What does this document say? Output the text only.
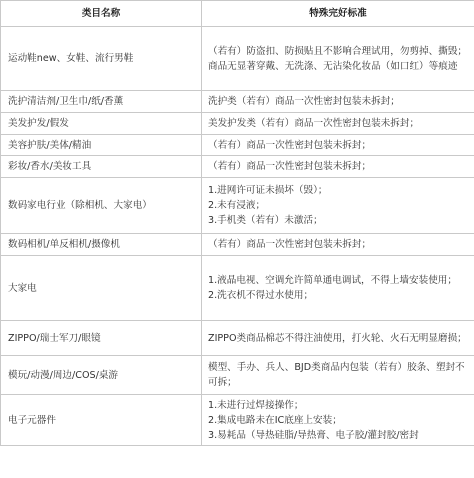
类目名称	特殊完好标准
运动鞋new、女鞋、流行男鞋	（若有）防盗扣、防损贴且不影响合理试用，勿剪掉、撕毁；商品无显著穿戴、无洗涤、无沾染化妆品（如口红）等痕迹

洗护清洁剂/卫生巾/纸/香薰	洗护类（若有）商品一次性密封包装未拆封；

美发护发/假发	美发护发类（若有）商品一次性密封包装未拆封；

美容护肤/美体/精油	（若有）商品一次性密封包装未拆封；

彩妆/香水/美妆工具	（若有）商品一次性密封包装未拆封；

数码家电行业（除相机、大家电）	1.进网许可证未损坏（毁）；
2.未有浸液；
3.手机类（若有）未激活；

数码相机/单反相机/摄像机	（若有）商品一次性密封包装未拆封；

大家电	1.液晶电视、空调允许简单通电调试，不得上墙安装使用；
2.洗衣机不得过水使用；

ZIPPO/瑞士军刀/眼镜	ZIPPO类商品棉芯不得注油使用，打火轮、火石无明显磨损；

模玩/动漫/周边/COS/桌游	模型、手办、兵人、BJD类商品内包装（若有）胶条、塑封不可拆；

电子元器件	1.未进行过焊接操作；
2.集成电路未在IC底座上安装；
3.易耗品（导热硅脂/导热膏、电子胶/灌封胶/密封
